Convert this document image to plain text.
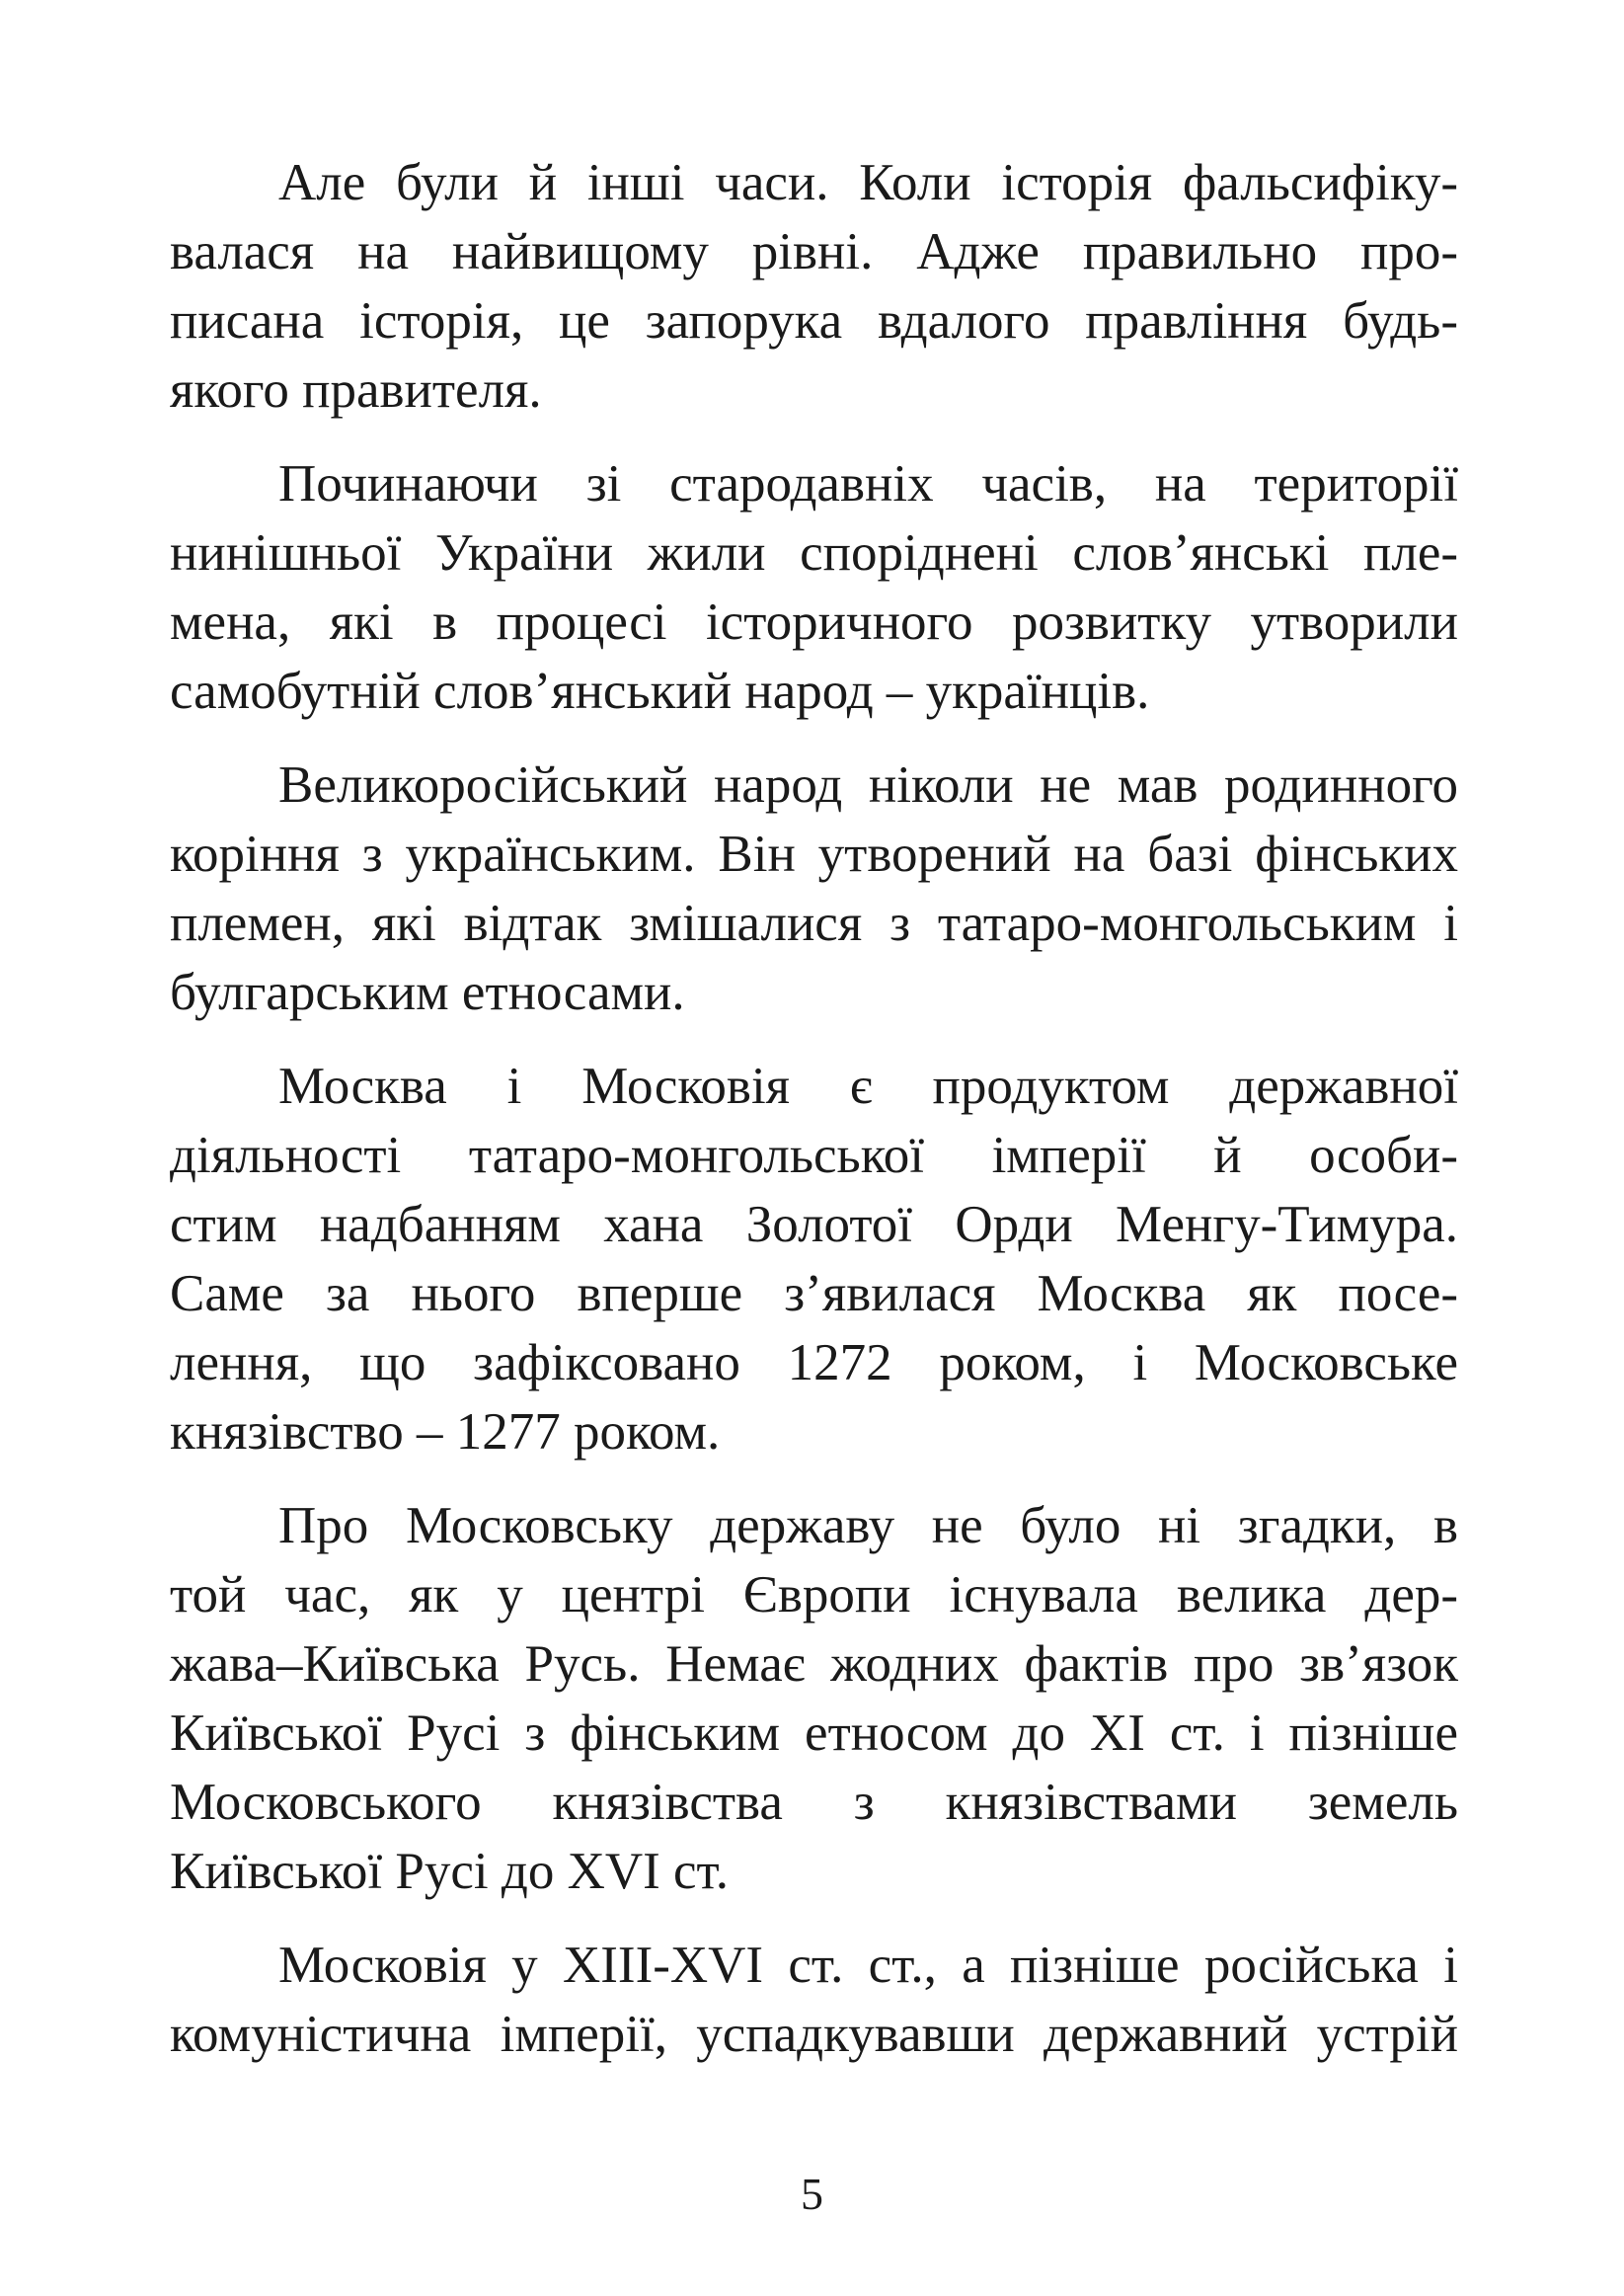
Але були й інші часи. Коли історія фальсифіку-
валася на найвищому рівні. Адже правильно про-
писана історія, це запорука вдалого правління будь-
якого правителя.
Починаючи зі стародавніх часів, на території
нинішньої України жили споріднені слов’янські пле-
мена, які в процесі історичного розвитку утворили
самобутній слов’янський народ – українців.
Великоросійський народ ніколи не мав родинного
коріння з українським. Він утворений на базі фінських
племен, які відтак змішалися з татаро-монгольським і
булгарським етносами.
Москва і Московія є продуктом державної
діяльності татаро-монгольської імперії й особи-
стим надбанням хана Золотої Орди Менгу-Тимура.
Саме за нього вперше з’явилася Москва як посе-
лення, що зафіксовано 1272 роком, і Московське
князівство – 1277 роком.
Про Московську державу не було ні згадки, в
той час, як у центрі Європи існувала велика дер-
жава–Київська Русь. Немає жодних фактів про зв’язок
Київської Русі з фінським етносом до ХІ ст. і пізніше
Московського князівства з князівствами земель
Київської Русі до XVI ст.
Московія у XIII-XVI ст. ст., а пізніше російська і
комуністична імперії, успадкувавши державний устрій
5
